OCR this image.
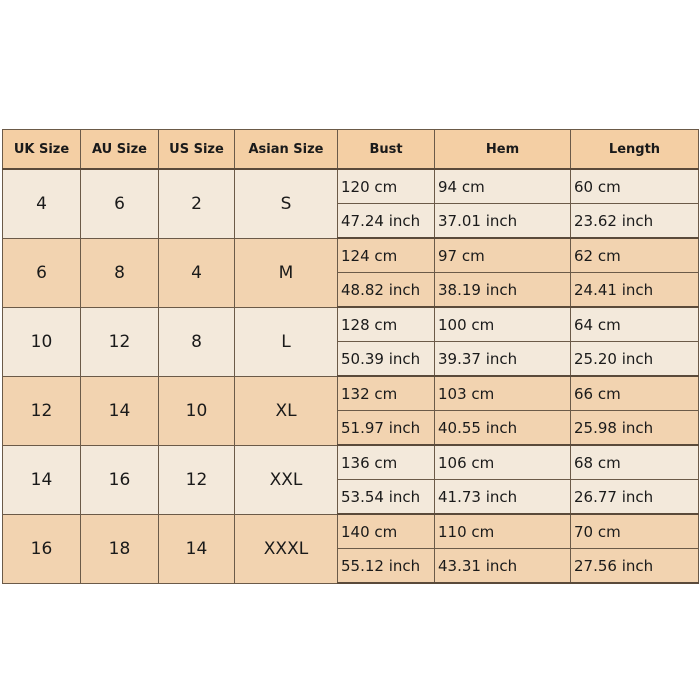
UK Size	AU Size	US Size	Asian Size	Bust	Hem	Length
4	6	2	S	120 cm	94 cm	60 cm
				47.24 inch	37.01 inch	23.62 inch
6	8	4	M	124 cm	97 cm	62 cm
				48.82 inch	38.19 inch	24.41 inch
10	12	8	L	128 cm	100 cm	64 cm
				50.39 inch	39.37 inch	25.20 inch
12	14	10	XL	132 cm	103 cm	66 cm
				51.97 inch	40.55 inch	25.98 inch
14	16	12	XXL	136 cm	106 cm	68 cm
				53.54 inch	41.73 inch	26.77 inch
16	18	14	XXXL	140 cm	110 cm	70 cm
				55.12 inch	43.31 inch	27.56 inch
